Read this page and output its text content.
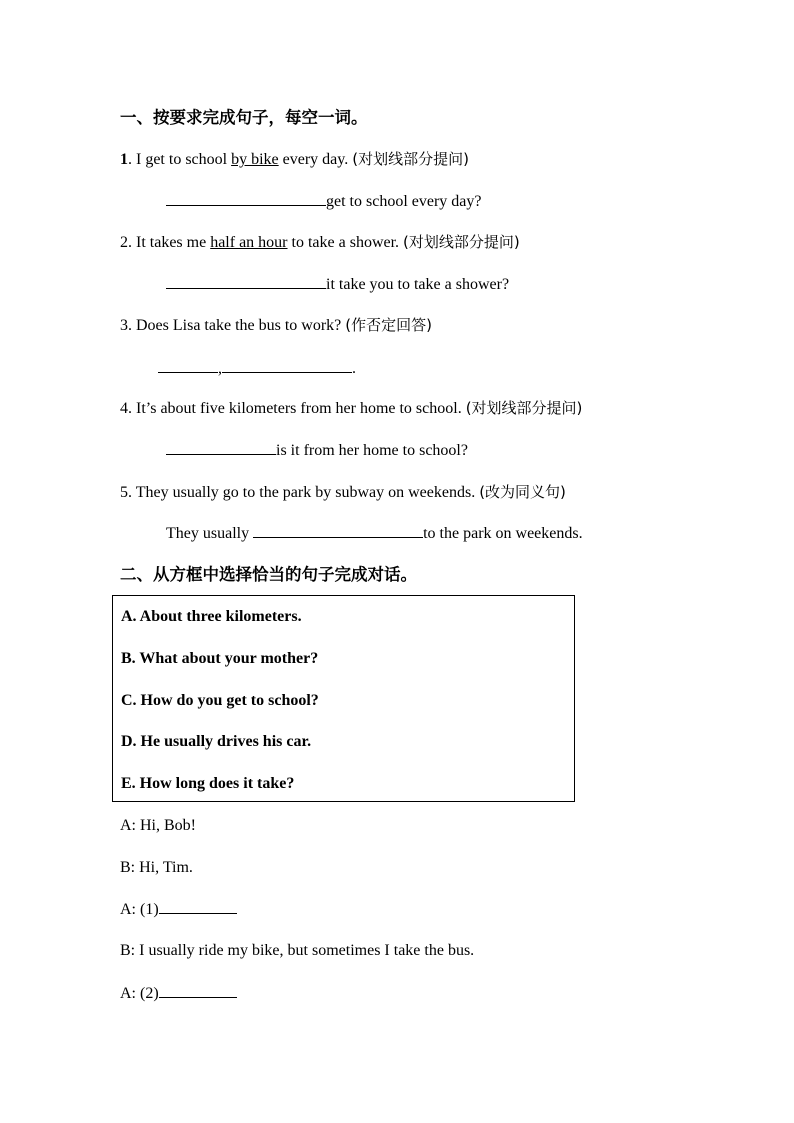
一、按要求完成句子，每空一词。
1. I get to school by bike every day. (对划线部分提问)
get to school every day?
2. It takes me half an hour to take a shower. (对划线部分提问)
it take you to take a shower?
3. Does Lisa take the bus to work? (作否定回答)
,	.
4. It’s about five kilometers from her home to school. (对划线部分提问)
is it from her home to school?
5. They usually go to the park by subway on weekends. (改为同义句)
They usually	to the park on weekends.
二、从方框中选择恰当的句子完成对话。
A. About three kilometers.
B. What about your mother?
C. How do you get to school?
D. He usually drives his car.
E. How long does it take?
A: Hi, Bob!
B: Hi, Tim.
A: (1)
B: I usually ride my bike, but sometimes I take the bus.
A: (2)
